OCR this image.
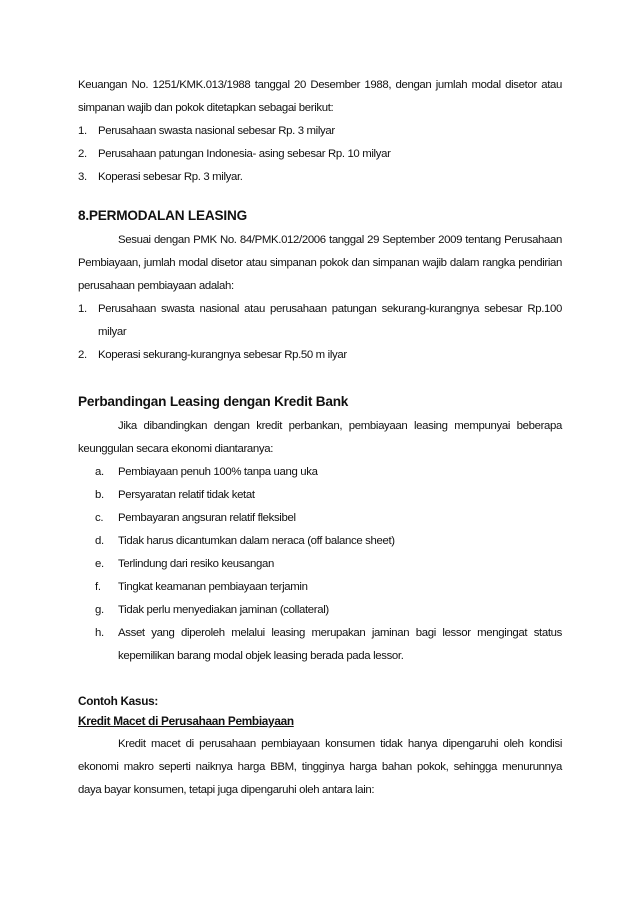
Keuangan No. 1251/KMK.013/1988 tanggal 20 Desember 1988, dengan jumlah modal disetor atau simpanan wajib dan pokok ditetapkan sebagai berikut:

1. Perusahaan swasta nasional sebesar Rp. 3 milyar
2. Perusahaan patungan Indonesia- asing sebesar Rp. 10 milyar
3. Koperasi sebesar Rp. 3 milyar.
8.PERMODALAN LEASING

Sesuai dengan PMK No. 84/PMK.012/2006 tanggal 29 September 2009 tentang Perusahaan Pembiayaan, jumlah modal disetor atau simpanan pokok dan simpanan wajib dalam rangka pendirian perusahaan pembiayaan adalah:

1. Perusahaan swasta nasional atau perusahaan patungan sekurang-kurangnya sebesar Rp.100 milyar
2. Koperasi sekurang-kurangnya sebesar Rp.50 m ilyar
Perbandingan Leasing dengan Kredit Bank

Jika dibandingkan dengan kredit perbankan, pembiayaan leasing mempunyai beberapa keunggulan secara ekonomi diantaranya:

a.	Pembiayaan penuh 100% tanpa uang uka
b.	Persyaratan relatif tidak ketat
c.	Pembayaran angsuran relatif fleksibel
d.	Tidak harus dicantumkan dalam neraca (off balance sheet)
e.	Terlindung dari resiko keusangan
f.	Tingkat keamanan pembiayaan terjamin
g.	Tidak perlu menyediakan jaminan (collateral)
h.	Asset yang diperoleh melalui leasing merupakan jaminan bagi lessor mengingat status kepemilikan barang modal objek leasing berada pada lessor.
Contoh Kasus:
Kredit Macet di Perusahaan Pembiayaan

Kredit macet di perusahaan pembiayaan konsumen tidak hanya dipengaruhi oleh kondisi ekonomi makro seperti naiknya harga BBM, tingginya harga bahan pokok, sehingga menurunnya daya bayar konsumen, tetapi juga dipengaruhi oleh antara lain:
